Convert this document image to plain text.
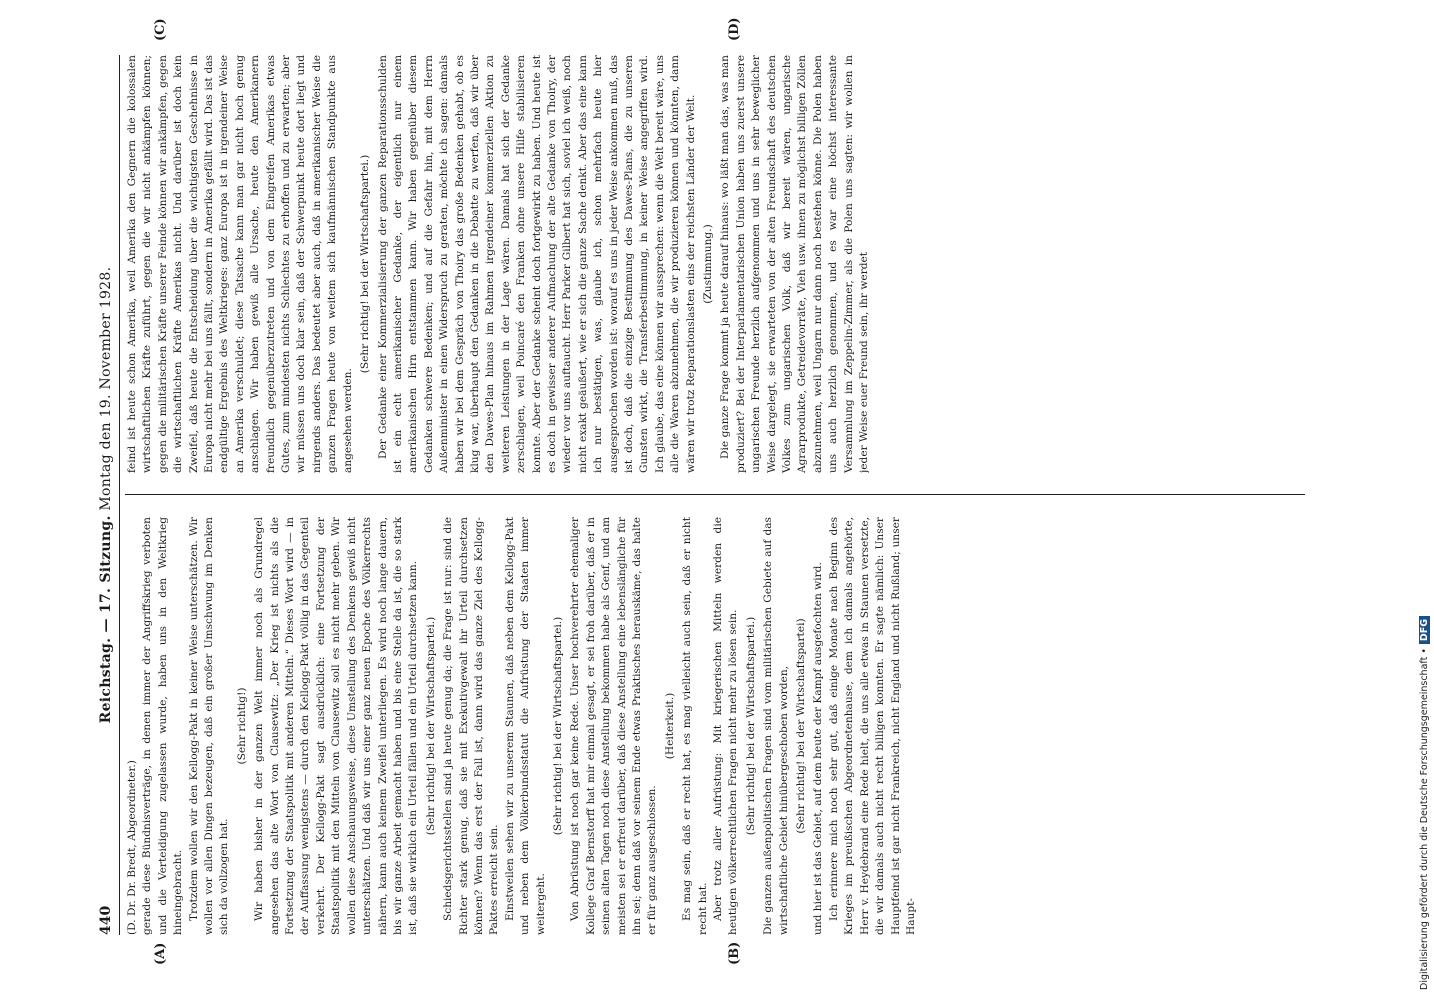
440
Reichstag. — 17. Sitzung. Montag den 19. November 1928.
(A)	(B)
(C)	(D)

(D. Dr. Dr. Bredt, Abgeordneter.) gerade diese Bündnisverträge, in denen immer der Angriffskrieg verboten und die Verteidigung zugelassen wurde, haben uns in den Weltkrieg hineingebracht. Trotzdem wollen wir den Kellogg-Pakt in keiner Weise unterschätzen. Wir wollen vor allen Dingen bezeugen, daß ein großer Umschwung im Denken sich da vollzogen hat.

(Sehr richtig!) Wir haben bisher in der ganzen Welt immer noch als Grundregel angesehen das alte Wort von Clausewitz: „Der Krieg ist nichts als die Fortsetzung der Staatspolitik mit anderen Mitteln.“ Dieses Wort wird — in der Auffassung wenigstens — durch den Kellogg-Pakt völlig in das Gegenteil verkehrt. Der Kellogg-Pakt sagt ausdrücklich: eine Fortsetzung der Staatspolitik mit den Mitteln von Clausewitz soll es nicht mehr geben. Wir wollen diese Anschauungsweise, diese Umstellung des Denkens gewiß nicht unterschätzen. Und daß wir uns einer ganz neuen Epoche des Völkerrechts nähern, kann auch keinem Zweifel unterliegen. Es wird noch lange dauern, bis wir ganze Arbeit gemacht haben und bis eine Stelle da ist, die so stark ist, daß sie wirklich ein Urteil fällen und ein Urteil durchsetzen kann. (Sehr richtig! bei der Wirtschaftspartei.) Schiedsgerichtsstellen sind ja heute genug da; die Frage ist nur: sind die Richter stark genug, daß sie mit Exekutivgewalt ihr Urteil durchsetzen können? Wenn das erst der Fall ist, dann wird das ganze Ziel des Kellogg-Paktes erreicht sein. Einstweilen sehen wir zu unserem Staunen, daß neben dem Kellogg-Pakt und neben dem Völkerbundsstatut die Aufrüstung der Staaten immer weitergeht.

(Sehr richtig! bei der Wirtschaftspartei.) Von Abrüstung ist noch gar keine Rede. Unser hochverehrter ehemaliger Kollege Graf Bernstorff hat mir einmal gesagt, er sei froh darüber, daß er in seinen alten Tagen noch diese Anstellung bekommen habe als Genf, und am meisten sei er erfreut darüber, daß diese Anstellung eine lebenslängliche für ihn sei; denn daß vor seinem Ende etwas Praktisches herauskäme, das halte er für ganz ausgeschlossen.

(Heiterkeit.) Es mag sein, daß er recht hat, es mag vielleicht auch sein, daß er nicht recht hat. Aber trotz aller Aufrüstung: Mit kriegerischen Mitteln werden die heutigen völkerrechtlichen Fragen nicht mehr zu lösen sein. (Sehr richtig! bei der Wirtschaftspartei.) Die ganzen außenpolitischen Fragen sind vom militärischen Gebiete auf das wirtschaftliche Gebiet hinübergeschoben worden, (Sehr richtig! bei der Wirtschaftspartei) und hier ist das Gebiet, auf dem heute der Kampf ausgefochten wird. Ich erinnere mich noch sehr gut, daß einige Monate nach Beginn des Krieges im preußischen Abgeordnetenhause, dem ich damals angehörte, Herr v. Heydebrand eine Rede hielt, die uns alle etwas in Staunen versetzte, die wir damals auch nicht recht billigen konnten. Er sagte nämlich: Unser Hauptfeind ist gar nicht Frankreich, nicht England und nicht Rußland; unser Haupt-

feind ist heute schon Amerika, weil Amerika den Gegnern die kolossalen wirtschaftlichen Kräfte zuführt, gegen die wir nicht ankämpfen können; gegen die militärischen Kräfte unserer Feinde können wir ankämpfen, gegen die wirtschaftlichen Kräfte Amerikas nicht. Und darüber ist doch kein Zweifel, daß heute die Entscheidung über die wichtigsten Geschehnisse in Europa nicht mehr bei uns fällt, sondern in Amerika gefällt wird. Das ist das endgültige Ergebnis des Weltkrieges: ganz Europa ist in irgendeiner Weise an Amerika verschuldet; diese Tatsache kann man gar nicht hoch genug anschlagen. Wir haben gewiß alle Ursache, heute den Amerikanern freundlich gegenüberzutreten und von dem Eingreifen Amerikas etwas Gutes, zum mindesten nichts Schlechtes zu erhoffen und zu erwarten; aber wir müssen uns doch klar sein, daß der Schwerpunkt heute dort liegt und nirgends anders. Das bedeutet aber auch, daß in amerikanischer Weise die ganzen Fragen heute von weitem sich kaufmännischen Standpunkte aus angesehen werden.

(Sehr richtig! bei der Wirtschaftspartei.) Der Gedanke einer Kommerzialisierung der ganzen Reparationsschulden ist ein echt amerikanischer Gedanke, der eigentlich nur einem amerikanischen Hirn entstammen kann. Wir haben gegenüber diesem Gedanken schwere Bedenken; und auf die Gefahr hin, mit dem Herrn Außenminister in einen Widerspruch zu geraten, möchte ich sagen: damals haben wir bei dem Gespräch von Thoiry das große Bedenken gehabt, ob es klug war, überhaupt den Gedanken in die Debatte zu werfen, daß wir über den Dawes-Plan hinaus im Rahmen irgendeiner kommerziellen Aktion zu weiteren Leistungen in der Lage wären. Damals hat sich der Gedanke zerschlagen, weil Poincaré den Franken ohne unsere Hilfe stabilisieren konnte. Aber der Gedanke scheint doch fortgewirkt zu haben. Und heute ist es doch in gewisser anderer Aufmachung der alte Gedanke von Thoiry, der wieder vor uns auftaucht. Herr Parker Gilbert hat sich, soviel ich weiß, noch nicht exakt geäußert, wie er sich die ganze Sache denkt. Aber das eine kann ich nur bestätigen, was, glaube ich, schon mehrfach heute hier ausgesprochen worden ist: worauf es uns in jeder Weise ankommen muß, das ist doch, daß die einzige Bestimmung des Dawes-Plans, die zu unseren Gunsten wirkt, die Transferbestimmung, in keiner Weise angegriffen wird. Ich glaube, das eine können wir aussprechen: wenn die Welt bereit wäre, uns alle die Waren abzunehmen, die wir produzieren können und könnten, dann wären wir trotz Reparationslasten eins der reichsten Länder der Welt. (Zustimmung.) Die ganze Frage kommt ja heute darauf hinaus: wo läßt man das, was man produziert? Bei der Interparlamentarischen Union haben uns zuerst unsere ungarischen Freunde herzlich aufgenommen und uns in sehr beweglicher Weise dargelegt, sie erwarteten von der alten Freundschaft des deutschen Volkes zum ungarischen Volk, daß wir bereit wären, ungarische Agrarprodukte, Getreidevorräte, Vieh usw. ihnen zu möglichst billigen Zöllen abzunehmen, weil Ungarn nur dann noch bestehen könne. Die Polen haben uns auch herzlich genommen, und es war eine höchst interessante Versammlung im Zeppelin-Zimmer, als die Polen uns sagten: wir wollen in jeder Weise euer Freund sein, ihr werdet

Digitalisierung gefördert durch die Deutsche Forschungsgemeinschaft •DFG
